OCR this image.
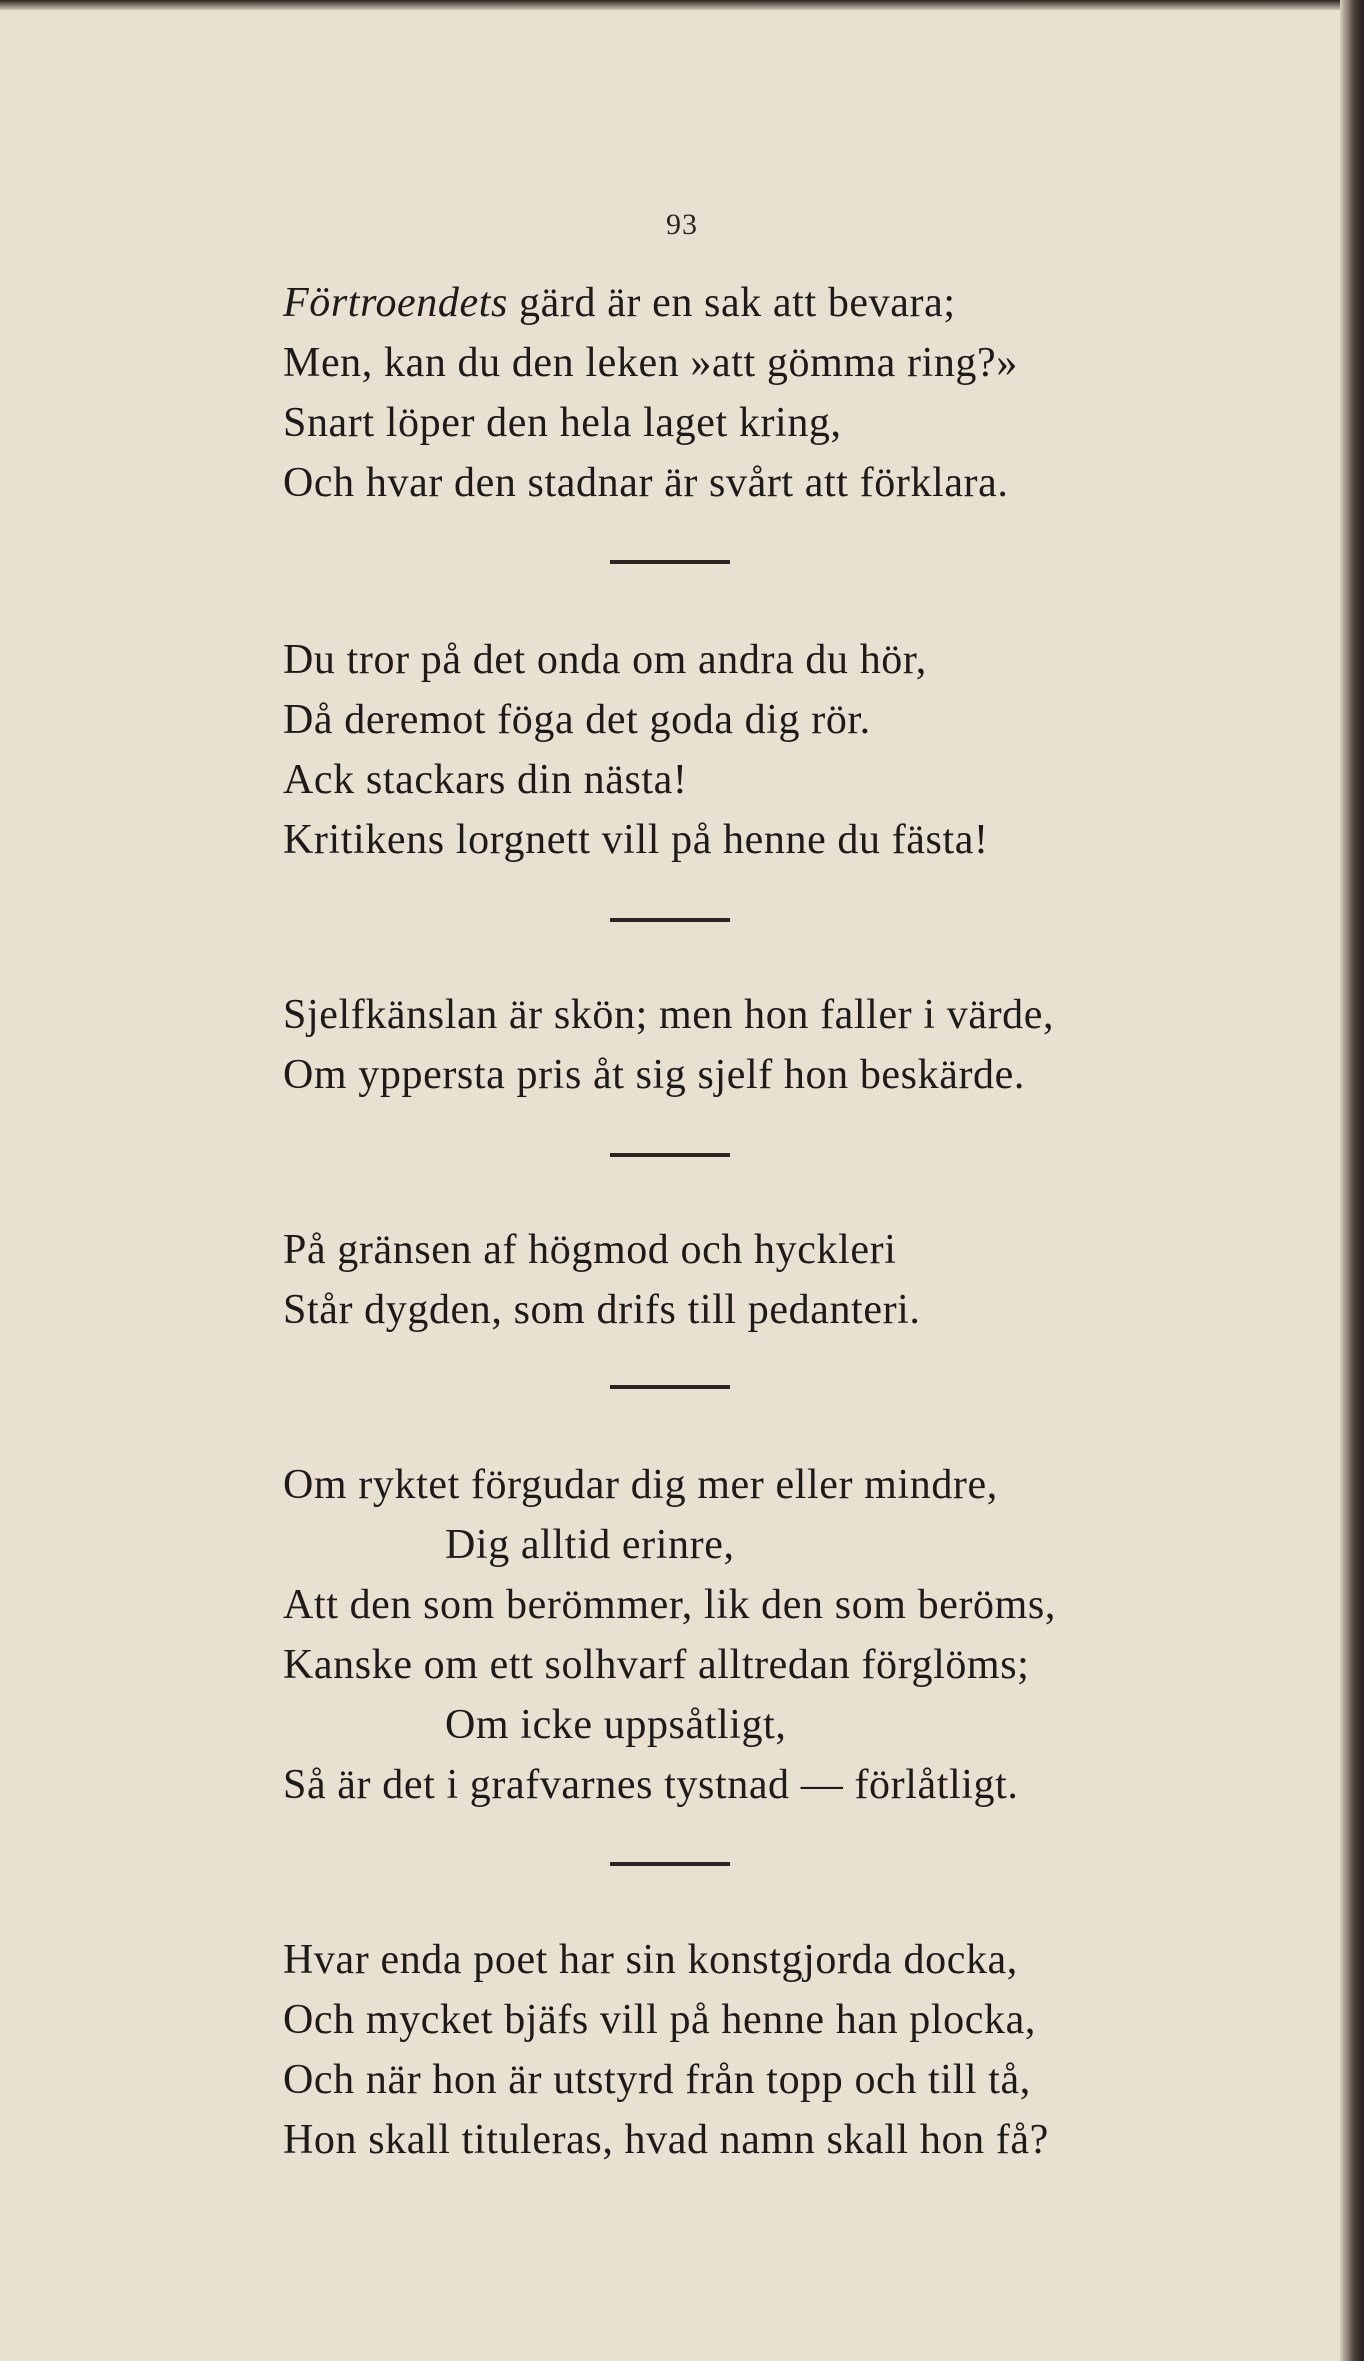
93
Förtroendets gärd är en sak att bevara;
Men, kan du den leken »att gömma ring?»
Snart löper den hela laget kring,
Och hvar den stadnar är svårt att förklara.
Du tror på det onda om andra du hör,
Då deremot föga det goda dig rör.
Ack stackars din nästa!
Kritikens lorgnett vill på henne du fästa!
Sjelfkänslan är skön; men hon faller i värde,
Om yppersta pris åt sig sjelf hon beskärde.
På gränsen af högmod och hyckleri
Står dygden, som drifs till pedanteri.
Om ryktet förgudar dig mer eller mindre,
Dig alltid erinre,
Att den som berömmer, lik den som beröms,
Kanske om ett solhvarf alltredan förglöms;
Om icke uppsåtligt,
Så är det i grafvarnes tystnad — förlåtligt.
Hvar enda poet har sin konstgjorda docka,
Och mycket bjäfs vill på henne han plocka,
Och när hon är utstyrd från topp och till tå,
Hon skall tituleras, hvad namn skall hon få?
